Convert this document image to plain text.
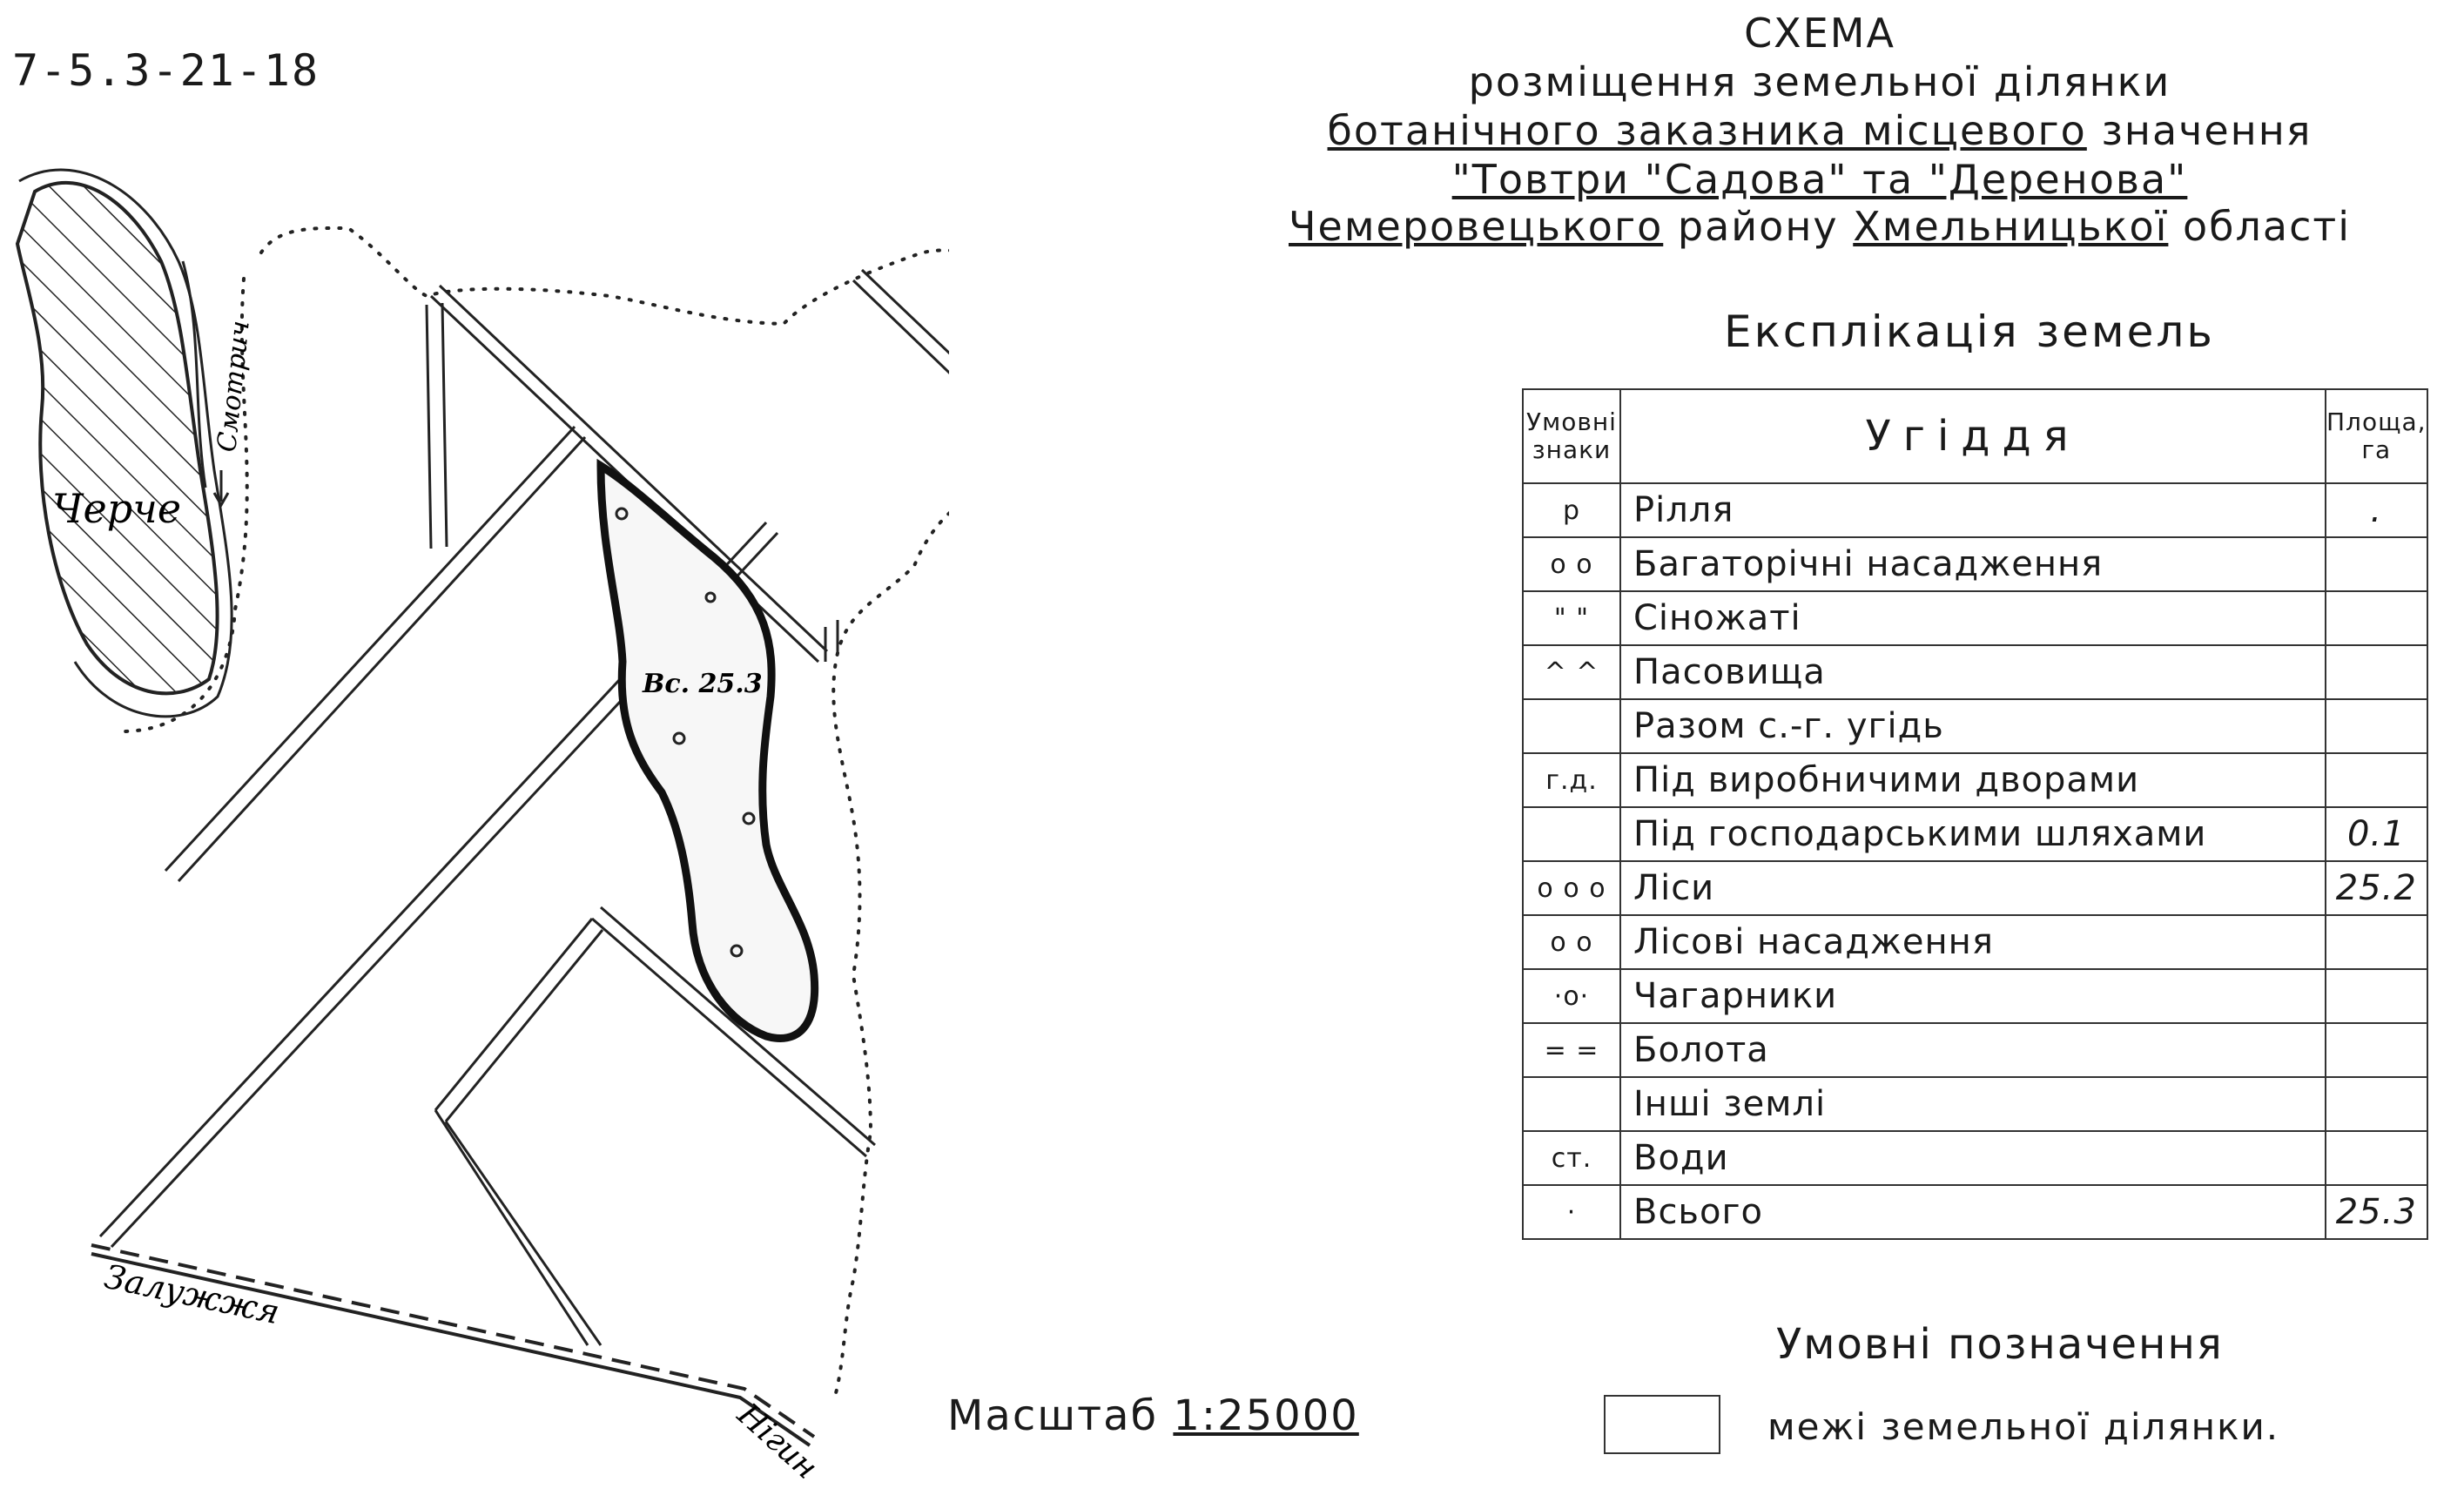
7-5.3-21-18
Черче
Смотрич
Вс. 25.3
Залужжя
Нігин
СХЕМА
розміщення земельної ділянки
ботанічного заказника місцевого значення
"Товтри "Садова" та "Деренова"
Чемеровецького району Хмельницької області
Експлікація земель
Умовні
знаки	Угіддя	Площа,
га
р	Рілля	.
о о	Багаторічні насадження	
" "	Сіножаті	
^ ^	Пасовища	
	Разом с.-г. угідь	
г.д.	Під виробничими дворами	
	Під господарськими шляхами	0.1
о о о	Ліси	25.2
о о	Лісові насадження	
·о·	Чагарники	
= =	Болота	
	Інші землі	
ст.	Води	
·	Всього	25.3
Умовні позначення
межі земельної ділянки.
Масштаб 1:25000
